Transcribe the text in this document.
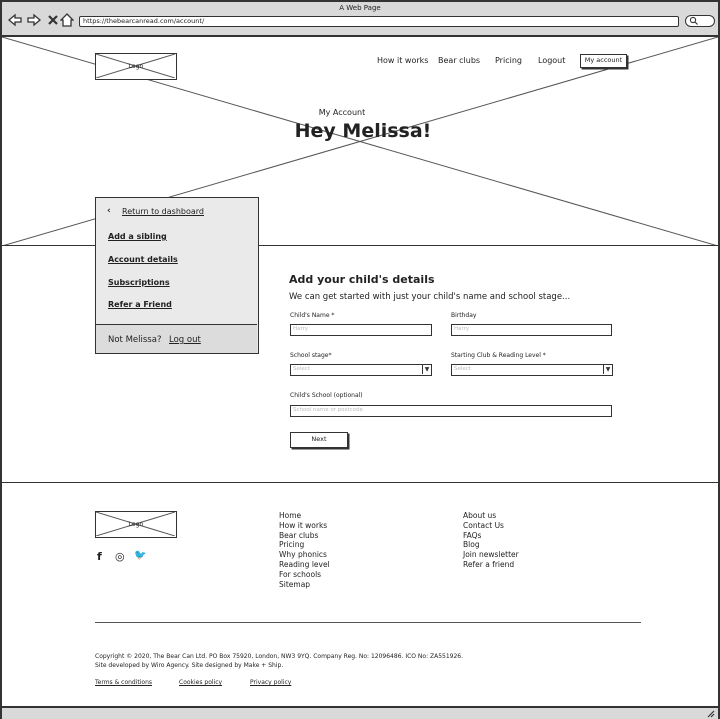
A Web Page
https://thebearcanread.com/account/
Logo
How it works Bear clubs Pricing Logout	My account
My Account
Hey Melissa!
‹ Return to dashboard
Add a sibling
Account details
Subscriptions
Refer a Friend
Not Melissa? Log out
Add your child's details
We can get started with just your child's name and school stage...
Child's Name *
Harry
Birthday
Harry
School stage*
Select	▼
Starting Club & Reading Level *
Select	▼
Child's School (optional)
School name or postcode
Next
Logo
f ◎ 🐦
Home
How it works
Bear clubs
Pricing
Why phonics
Reading level
For schools
Sitemap
About us
Contact Us
FAQs
Blog
Join newsletter
Refer a friend
Copyright © 2020, The Bear Can Ltd. PO Box 75920, London, NW3 9YQ. Company Reg. No: 12096486. ICO No: ZA551926.
Site developed by Wiro Agency. Site designed by Make + Ship.
Terms & conditions	Cookies policy	Privacy policy
